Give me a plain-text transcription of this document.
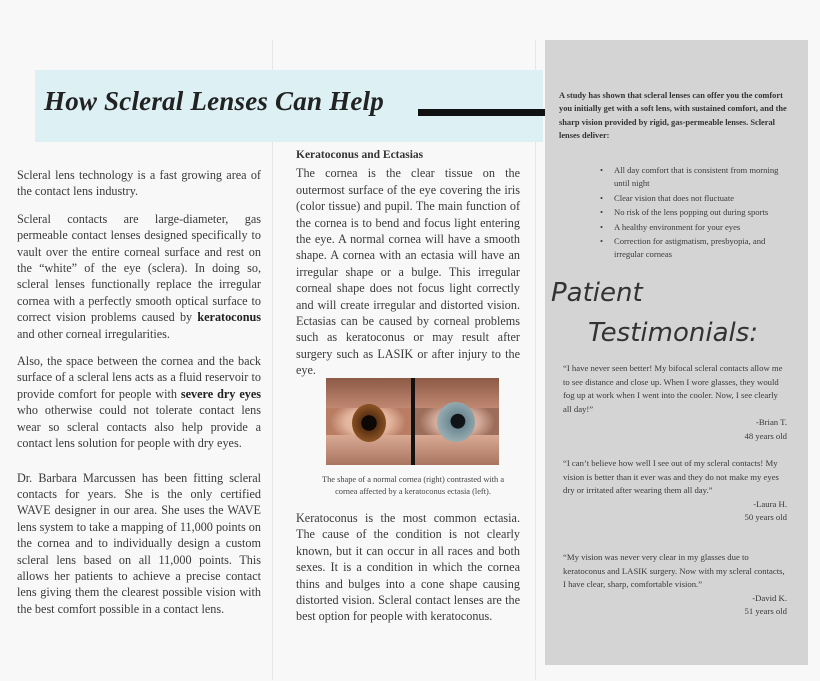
How Scleral Lenses Can Help

Scleral lens technology is a fast growing area of the contact lens industry.

Scleral contacts are large-diameter, gas permeable contact lenses designed specifically to vault over the entire corneal surface and rest on the “white” of the eye (sclera). In doing so, scleral lenses functionally replace the irregular cornea with a perfectly smooth optical surface to correct vision problems caused by keratoconus and other corneal irregularities.

Also, the space between the cornea and the back surface of a scleral lens acts as a fluid reservoir to provide comfort for people with severe dry eyes who otherwise could not tolerate contact lens wear so scleral contacts also help provide a contact lens solution for people with dry eyes.

Dr. Barbara Marcussen has been fitting scleral contacts for years. She is the only certified WAVE designer in our area. She uses the WAVE lens system to take a mapping of 11,000 points on the cornea and to individually design a custom scleral lens based on all 11,000 points. This allows her patients to achieve a precise contact lens giving them the clearest possible vision with the best comfort possible in a contact lens.

Keratoconus and Ectasias

The cornea is the clear tissue on the outermost surface of the eye covering the iris (color tissue) and pupil. The main function of the cornea is to bend and focus light entering the eye. A normal cornea will have a smooth shape. A cornea with an ectasia will have an irregular shape or a bulge. This irregular corneal shape does not focus light correctly and will create irregular and distorted vision. Ectasias can be caused by corneal problems such as keratoconus or may result after surgery such as LASIK or after injury to the eye.

The shape of a normal cornea (right) contrasted with a cornea affected by a keratoconus ectasia (left).

Keratoconus is the most common ectasia. The cause of the condition is not clearly known, but it can occur in all races and both sexes. It is a condition in which the cornea thins and bulges into a cone shape causing distorted vision. Scleral contact lenses are the best option for people with keratoconus.

A study has shown that scleral lenses can offer you the comfort you initially get with a soft lens, with sustained comfort, and the sharp vision provided by rigid, gas-permeable lenses. Scleral lenses deliver:
• All day comfort that is consistent from morning until night
• Clear vision that does not fluctuate
• No risk of the lens popping out during sports
• A healthy environment for your eyes
• Correction for astigmatism, presbyopia, and irregular corneas
Patient
Testimonials:

“I have never seen better! My bifocal scleral contacts allow me to see distance and close up. When I wore glasses, they would fog up at work when I went into the cooler. Now, I see clearly all day!”

-Brian T.

48 years old

“I can’t believe how well I see out of my scleral contacts! My vision is better than it ever was and they do not make my eyes dry or irritated after wearing them all day.”

-Laura H.

50 years old

“My vision was never very clear in my glasses due to keratoconus and LASIK surgery. Now with my scleral contacts, I have clear, sharp, comfortable vision.”

-David K.

51 years old
